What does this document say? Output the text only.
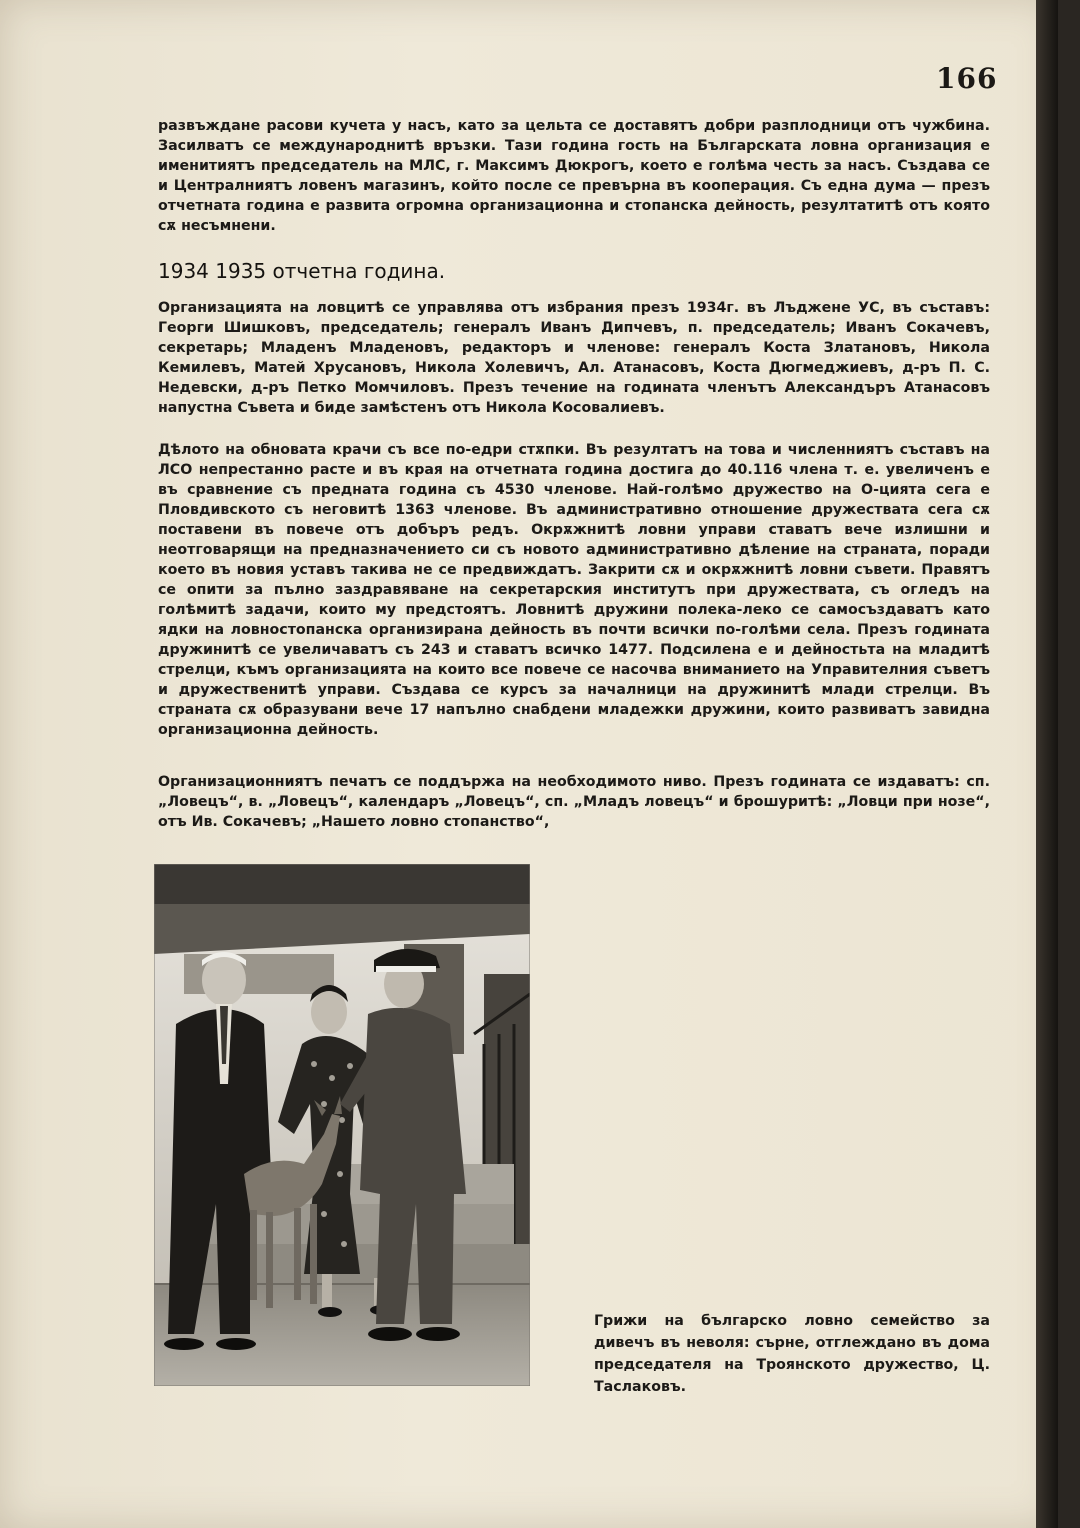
166

развъждане расови кучета у насъ, като за цельта се доставятъ добри разплодници отъ чужбина. Засилватъ се международнитѣ връзки. Тази година гость на Българската ловна организация е именитиятъ председатель на МЛС, г. Максимъ Дюкрогъ, което е голѣма честь за насъ. Създава се и Централниятъ ловенъ магазинъ, който после се превърна въ кооперация. Съ една дума — презъ отчетната година е развита огромна организационна и стопанска дейность, резултатитѣ отъ която сѫ несъмнени.

1934 1935 отчетна година.

Организацията на ловцитѣ се управлява отъ избрания презъ 1934г. въ Лъджене УС, въ съставъ: Георги Шишковъ, председатель; генералъ Иванъ Дипчевъ, п. председатель; Иванъ Сокачевъ, секретарь; Младенъ Младеновъ, редакторъ и членове: генералъ Коста Златановъ, Никола Кемилевъ, Матей Хрусановъ, Никола Холевичъ, Ал. Атанасовъ, Коста Дюгмеджиевъ, д-ръ П. С. Недевски, д-ръ Петко Момчиловъ. Презъ течение на годината членътъ Александъръ Атанасовъ напустна Съвета и биде замѣстенъ отъ Никола Косовалиевъ.

Дѣлото на обновата крачи съ все по-едри стѫпки. Въ резултатъ на това и численниятъ съставъ на ЛСО непрестанно расте и въ края на отчетната година достига до 40.116 члена т. е. увеличенъ е въ сравнение съ предната година съ 4530 членове. Най-голѣмо дружество на О-цията сега е Пловдивското съ неговитѣ 1363 членове. Въ административно отношение дружествата сега сѫ поставени въ повече отъ добъръ редъ. Окрѫжнитѣ ловни управи ставатъ вече излишни и неотговарящи на предназначението си съ новото административно дѣление на страната, поради което въ новия уставъ такива не се предвиждатъ. Закрити сѫ и окрѫжнитѣ ловни съвети. Правятъ се опити за пълно заздравяване на секретарския институтъ при дружествата, съ огледъ на голѣмитѣ задачи, които му предстоятъ. Ловнитѣ дружини полека-леко се самосъздаватъ като ядки на ловностопанска организирана дейность въ почти всички по-голѣми села. Презъ годината дружинитѣ се увеличаватъ съ 243 и ставатъ всичко 1477. Подсилена е и дейностьта на младитѣ стрелци, къмъ организацията на които все повече се насочва вниманието на Управителния съветъ и дружественитѣ управи. Създава се курсъ за началници на дружинитѣ млади стрелци. Въ страната сѫ образувани вече 17 напълно снабдени младежки дружини, които развиватъ завидна организационна дейность.

Организационниятъ печатъ се поддържа на необходимото ниво. Презъ годината се издаватъ: сп. „Ловецъ“, в. „Ловецъ“, календаръ „Ловецъ“, сп. „Младъ ловецъ“ и брошуритѣ: „Ловци при нозе“, отъ Ив. Сокачевъ; „Нашето ловно стопанство“,

Грижи на българско ловно семейство за дивечъ въ неволя: сърне, отглеждано въ дома председателя на Троянското дружество, Ц. Таслаковъ.
